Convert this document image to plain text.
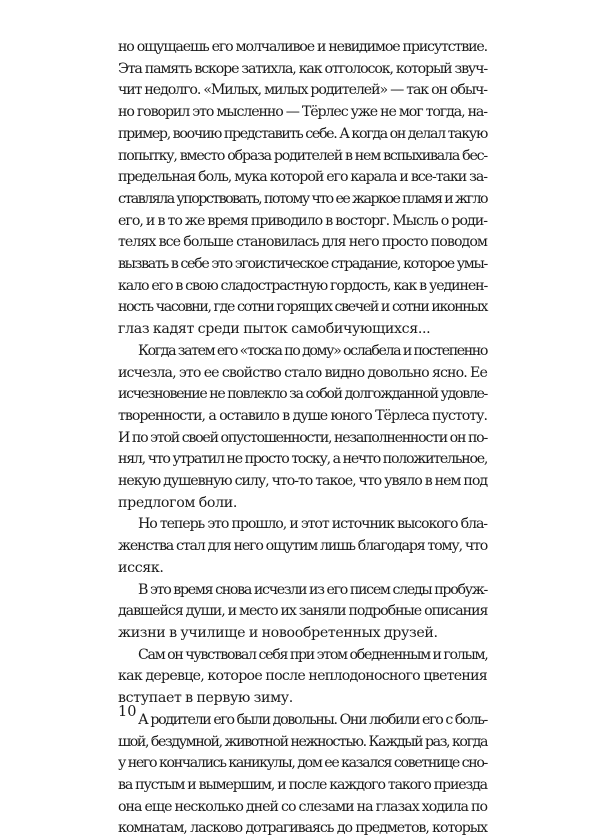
но ощущаешь его молчаливое и невидимое присутствие.
Эта память вскоре затихла, как отголосок, который звуч-
чит недолго. «Милых, милых родителей» — так он обыч-
но говорил это мысленно — Тёрлес уже не мог тогда, на-
пример, воочию представить себе. А когда он делал такую
попытку, вместо образа родителей в нем вспыхивала бес-
предельная боль, мука которой его карала и все-таки за-
ставляла упорствовать, потому что ее жаркое пламя и жгло
его, и в то же время приводило в восторг. Мысль о роди-
телях все больше становилась для него просто поводом
вызвать в себе это эгоистическое страдание, которое умы-
кало его в свою сладострастную гордость, как в уединен-
ность часовни, где сотни горящих свечей и сотни иконных
глаз кадят среди пыток самобичующихся...
Когда затем его «тоска по дому» ослабела и постепенно
исчезла, это ее свойство стало видно довольно ясно. Ее
исчезновение не повлекло за собой долгожданной удовле-
творенности, а оставило в душе юного Тёрлеса пустоту.
И по этой своей опустошенности, незаполненности он по-
нял, что утратил не просто тоску, а нечто положительное,
некую душевную силу, что-то такое, что увяло в нем под
предлогом боли.
Но теперь это прошло, и этот источник высокого бла-
женства стал для него ощутим лишь благодаря тому, что
иссяк.
В это время снова исчезли из его писем следы пробуж-
давшейся души, и место их заняли подробные описания
жизни в училище и новообретенных друзей.
Сам он чувствовал себя при этом обедненным и голым,
как деревце, которое после неплодоносного цветения
вступает в первую зиму.
А родители его были довольны. Они любили его с боль-
шой, бездумной, животной нежностью. Каждый раз, когда
у него кончались каникулы, дом ее казался советнице сно-
ва пустым и вымершим, и после каждого такого приезда
она еще несколько дней со слезами на глазах ходила по
комнатам, ласково дотрагиваясь до предметов, которых
10
